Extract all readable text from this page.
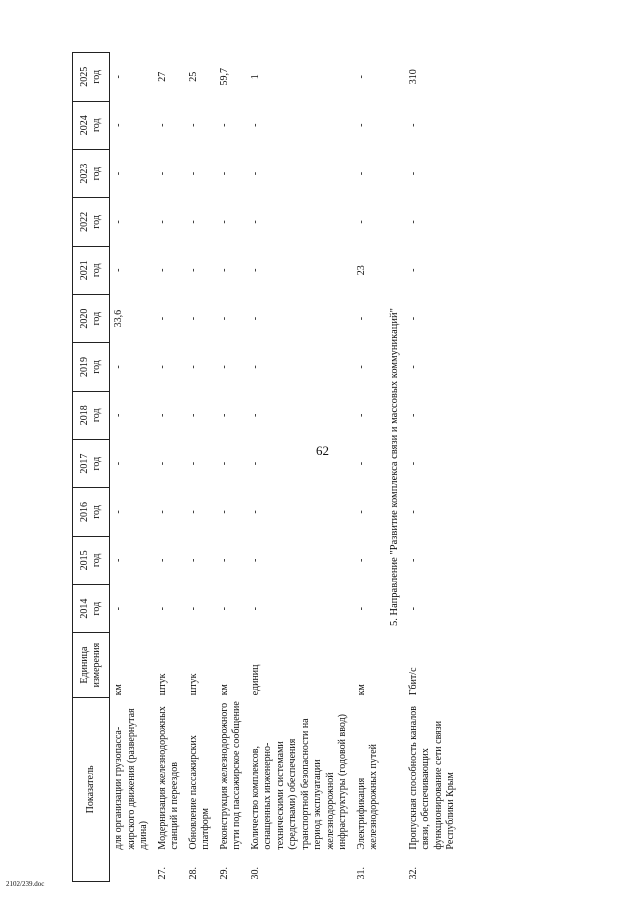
62
Показатель		Единица измерения	2014 год	2015 год	2016 год	2017 год	2018 год	2019 год	2020 год	2021 год	2022 год	2023 год	2024 год	2025 год
	для организации грузопасса-жирского движения (развернутая длина)	км	-	-	-	-	-	-	33,6	-	-	-	-	-
27.	Модернизация железнодорожных станций и переездов	штук	-	-	-	-	-	-	-	-	-	-	-	27
28.	Обновление пассажирских платформ	штук	-	-	-	-	-	-	-	-	-	-	-	25
29.	Реконструкция железнодорожного пути под пассажирское сообщение	км	-	-	-	-	-	-	-	-	-	-	-	59,7
30.	Количество комплексов, оснащенных инженерно-техническими системами (средствами) обеспечения транспортной безопасности на период эксплуатации железнодорожной инфраструктуры (годовой ввод)	единиц	-	-	-	-	-	-	-	-	-	-	-	1
31.	Электрификация железнодорожных путей	км	-	-	-	-	-	-	-	23	-	-	-	-
5. Направление "Развитие комплекса связи и массовых коммуникаций"														
32.	Пропускная способность каналов связи, обеспечивающих функционирование сети связи Республики Крым	Гбит/с	-	-	-	-	-	-	-	-	-	-	-	310
2102/239.doc
